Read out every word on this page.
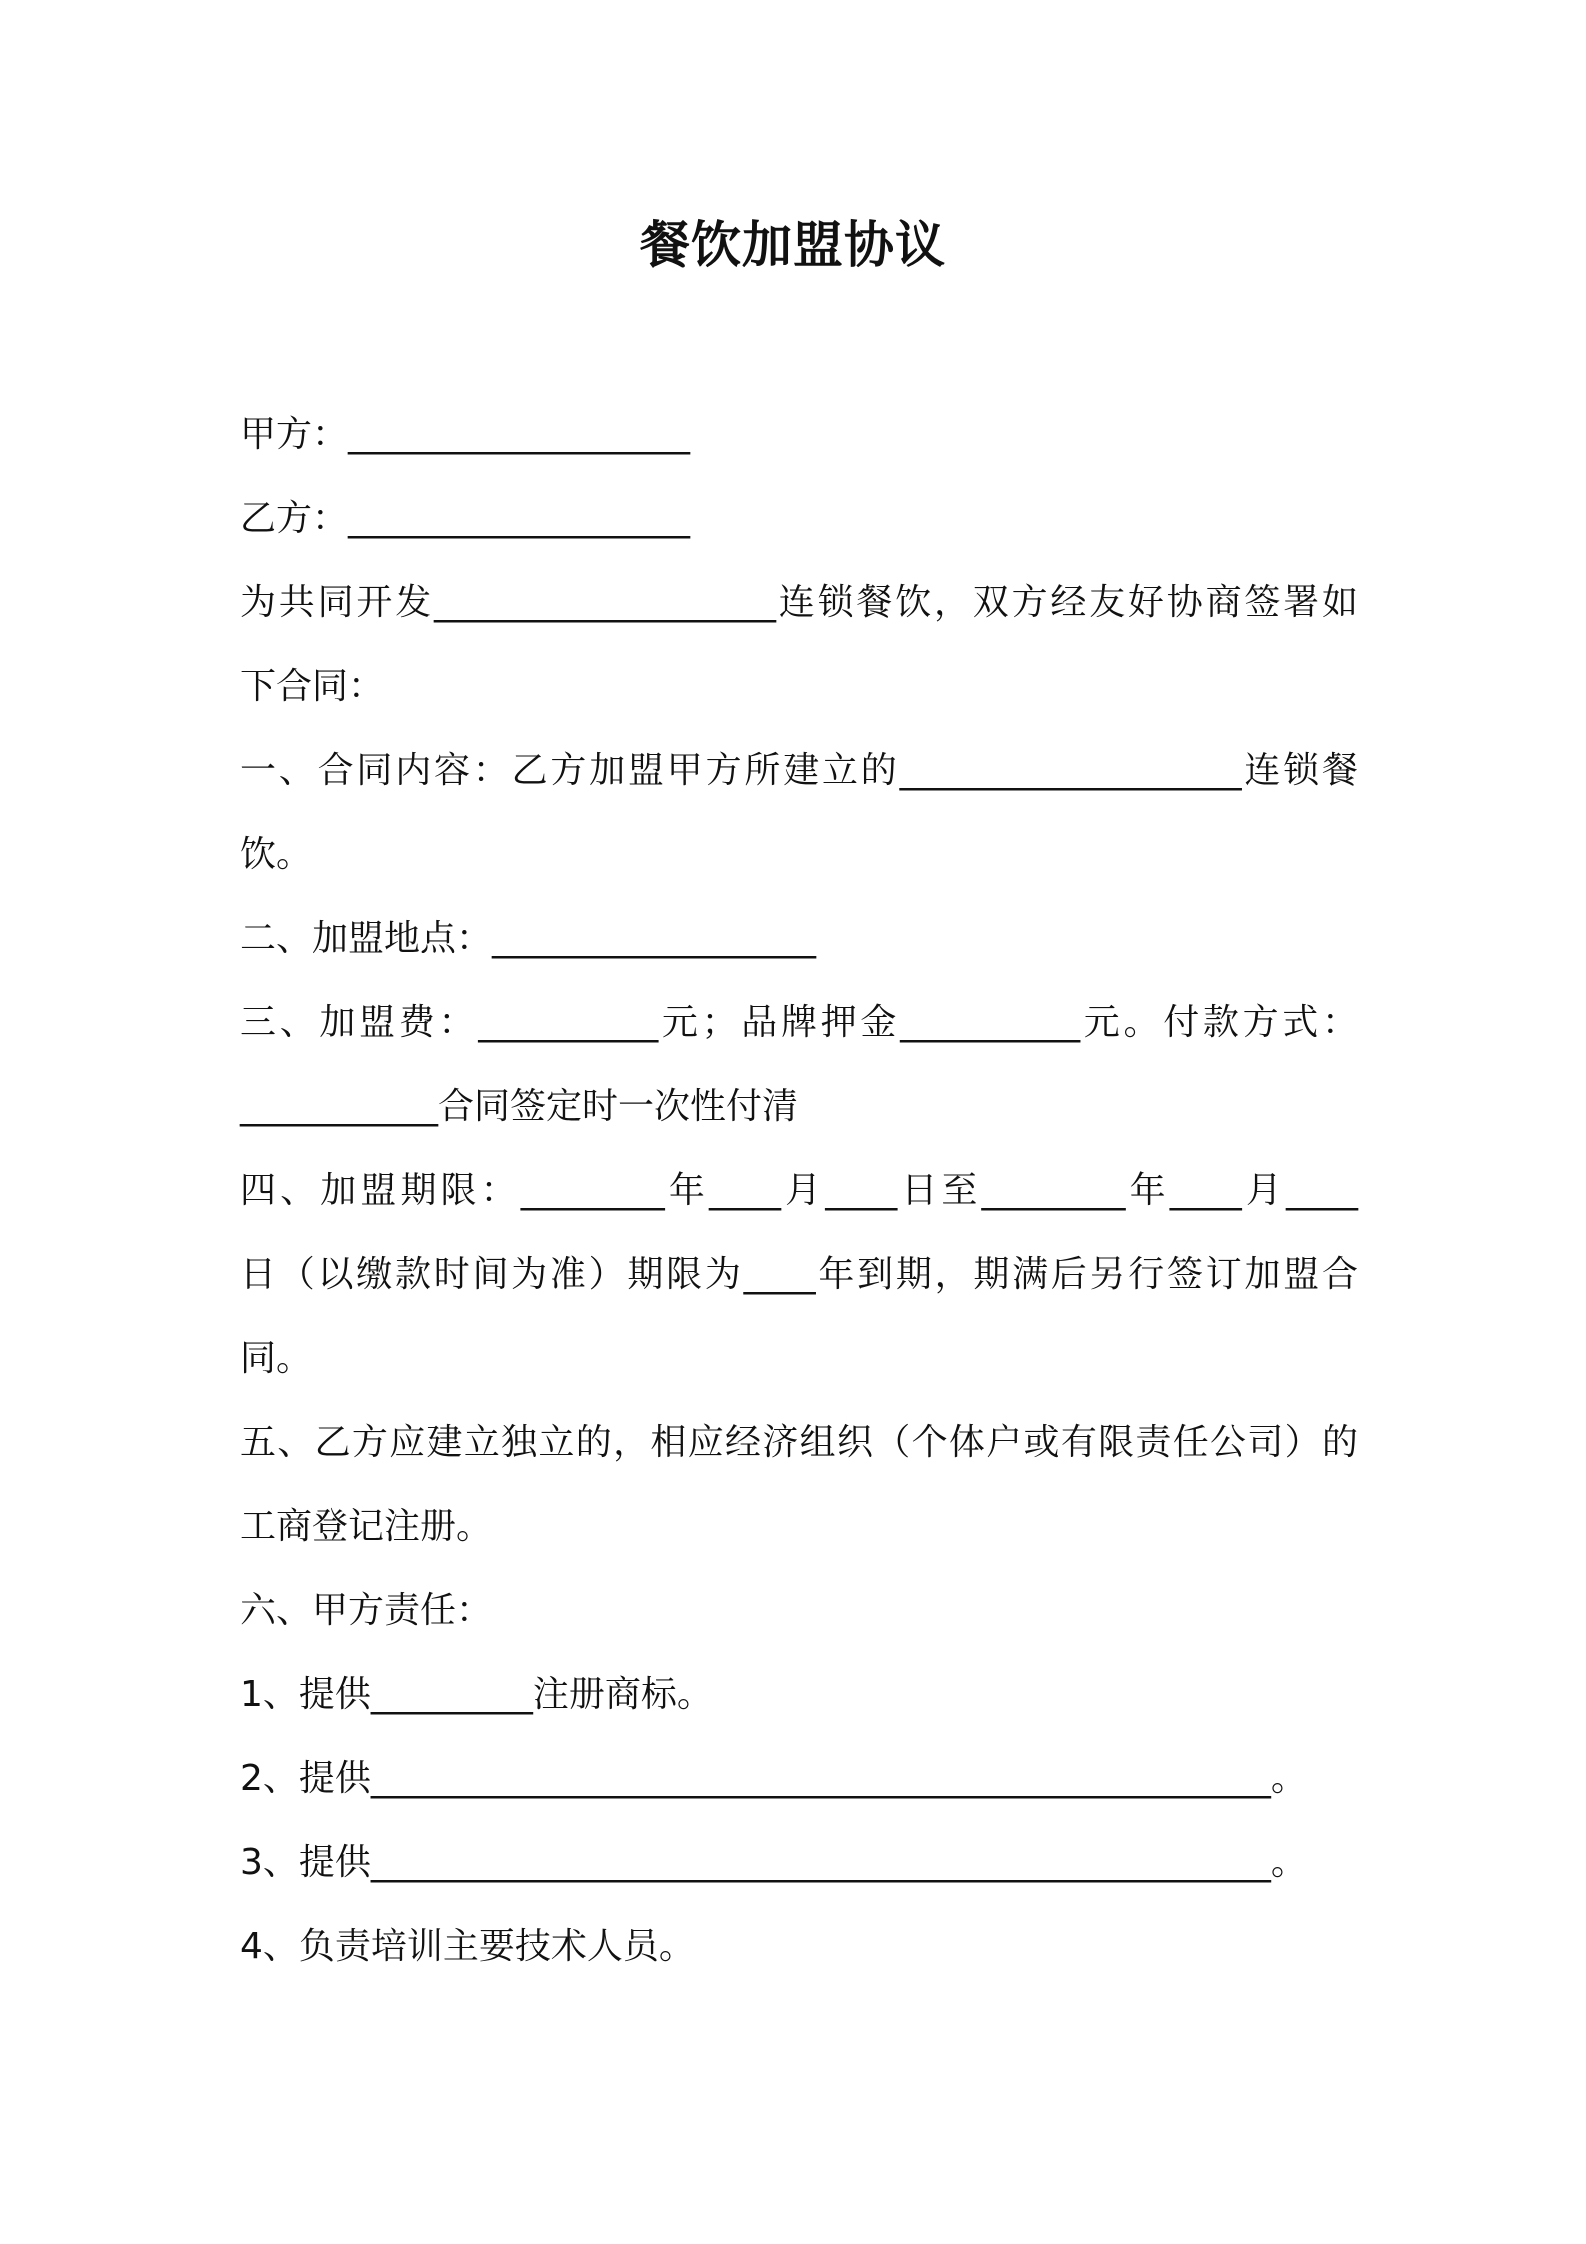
餐饮加盟协议
甲方：___________________
乙方：___________________
为共同开发___________________连锁餐饮，双方经友好协商签署如
下合同：
一、合同内容：乙方加盟甲方所建立的___________________连锁餐
饮。
二、加盟地点：__________________
三、加盟费：__________元；品牌押金__________元。付款方式：
___________合同签定时一次性付清
四、加盟期限：________年____月____日至________年____月____
日（以缴款时间为准）期限为____年到期，期满后另行签订加盟合
同。
五、乙方应建立独立的，相应经济组织（个体户或有限责任公司）的
工商登记注册。
六、甲方责任：
1、提供_________注册商标。
2、提供__________________________________________________。
3、提供__________________________________________________。
4、负责培训主要技术人员。
